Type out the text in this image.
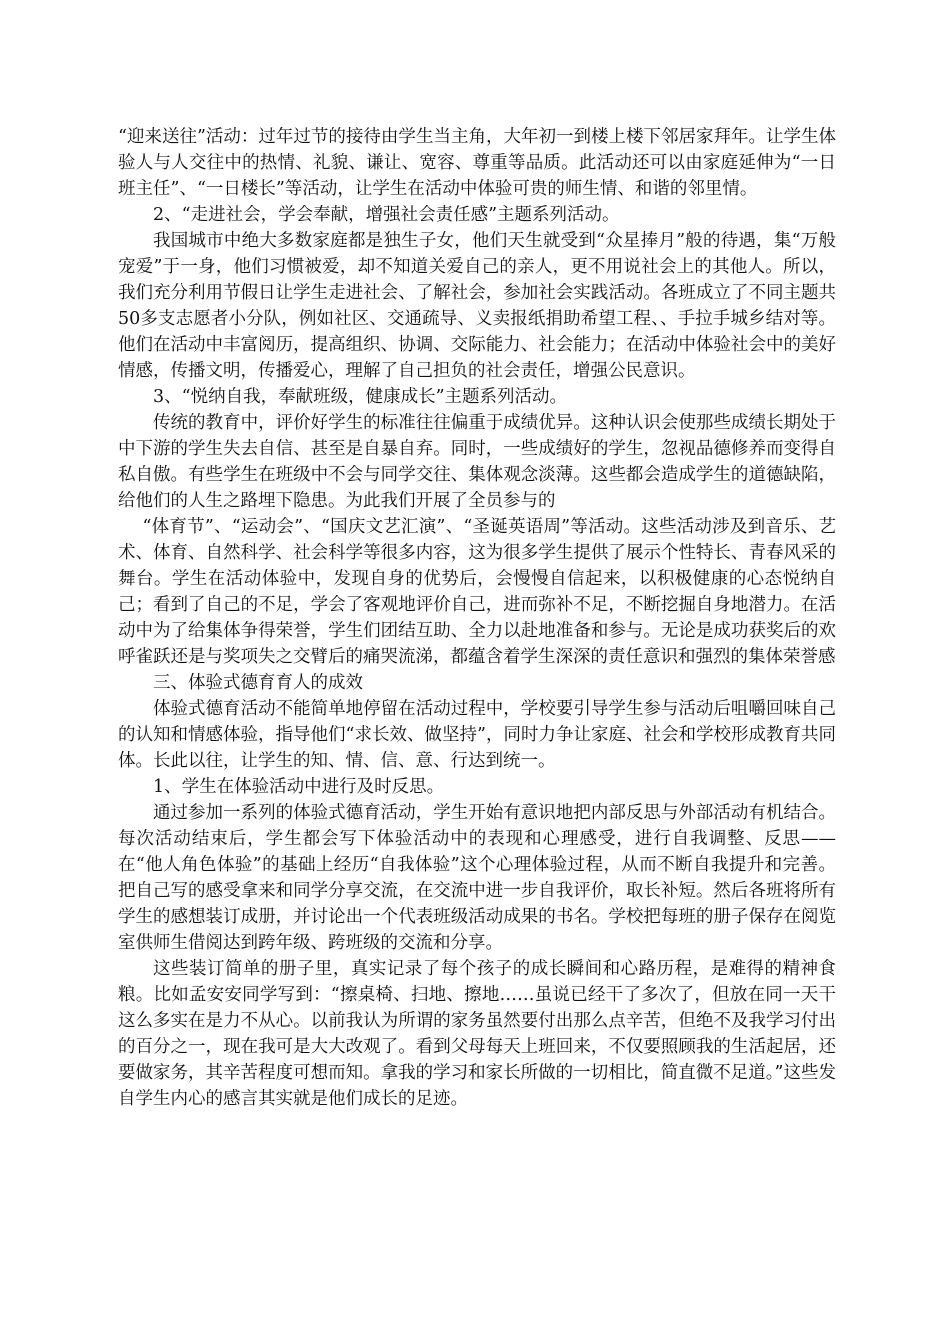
“迎来送往”活动：过年过节的接待由学生当主角，大年初一到楼上楼下邻居家拜年。让学生体验人与人交往中的热情、礼貌、谦让、宽容、尊重等品质。此活动还可以由家庭延伸为“一日班主任”、“一日楼长”等活动，让学生在活动中体验可贵的师生情、和谐的邻里情。

2、“走进社会，学会奉献，增强社会责任感”主题系列活动。

我国城市中绝大多数家庭都是独生子女，他们天生就受到“众星捧月”般的待遇，集“万般宠爱”于一身，他们习惯被爱，却不知道关爱自己的亲人，更不用说社会上的其他人。所以，我们充分利用节假日让学生走进社会、了解社会，参加社会实践活动。各班成立了不同主题共50多支志愿者小分队，例如社区、交通疏导、义卖报纸捐助希望工程、、手拉手城乡结对等。他们在活动中丰富阅历，提高组织、协调、交际能力、社会能力；在活动中体验社会中的美好情感，传播文明，传播爱心，理解了自己担负的社会责任，增强公民意识。

3、“悦纳自我，奉献班级，健康成长”主题系列活动。

传统的教育中，评价好学生的标准往往偏重于成绩优异。这种认识会使那些成绩长期处于中下游的学生失去自信、甚至是自暴自弃。同时，一些成绩好的学生，忽视品德修养而变得自私自傲。有些学生在班级中不会与同学交往、集体观念淡薄。这些都会造成学生的道德缺陷，给他们的人生之路埋下隐患。为此我们开展了全员参与的

“体育节”、“运动会”、“国庆文艺汇演”、“圣诞英语周”等活动。这些活动涉及到音乐、艺术、体育、自然科学、社会科学等很多内容，这为很多学生提供了展示个性特长、青春风采的舞台。学生在活动体验中，发现自身的优势后，会慢慢自信起来，以积极健康的心态悦纳自己；看到了自己的不足，学会了客观地评价自己，进而弥补不足，不断挖掘自身地潜力。在活动中为了给集体争得荣誉，学生们团结互助、全力以赴地准备和参与。无论是成功获奖后的欢呼雀跃还是与奖项失之交臂后的痛哭流涕，都蕴含着学生深深的责任意识和强烈的集体荣誉感

三、体验式德育育人的成效

体验式德育活动不能简单地停留在活动过程中，学校要引导学生参与活动后咀嚼回味自己的认知和情感体验，指导他们“求长效、做坚持”，同时力争让家庭、社会和学校形成教育共同体。长此以往，让学生的知、情、信、意、行达到统一。

1、学生在体验活动中进行及时反思。

通过参加一系列的体验式德育活动，学生开始有意识地把内部反思与外部活动有机结合。每次活动结束后，学生都会写下体验活动中的表现和心理感受，进行自我调整、反思——在“他人角色体验”的基础上经历“自我体验”这个心理体验过程，从而不断自我提升和完善。把自己写的感受拿来和同学分享交流，在交流中进一步自我评价，取长补短。然后各班将所有学生的感想装订成册，并讨论出一个代表班级活动成果的书名。学校把每班的册子保存在阅览室供师生借阅达到跨年级、跨班级的交流和分享。

这些装订简单的册子里，真实记录了每个孩子的成长瞬间和心路历程，是难得的精神食粮。比如孟安安同学写到：“擦桌椅、扫地、擦地……虽说已经干了多次了，但放在同一天干这么多实在是力不从心。以前我认为所谓的家务虽然要付出那么点辛苦，但绝不及我学习付出的百分之一，现在我可是大大改观了。看到父母每天上班回来，不仅要照顾我的生活起居，还要做家务，其辛苦程度可想而知。拿我的学习和家长所做的一切相比，简直微不足道。”这些发自学生内心的感言其实就是他们成长的足迹。
